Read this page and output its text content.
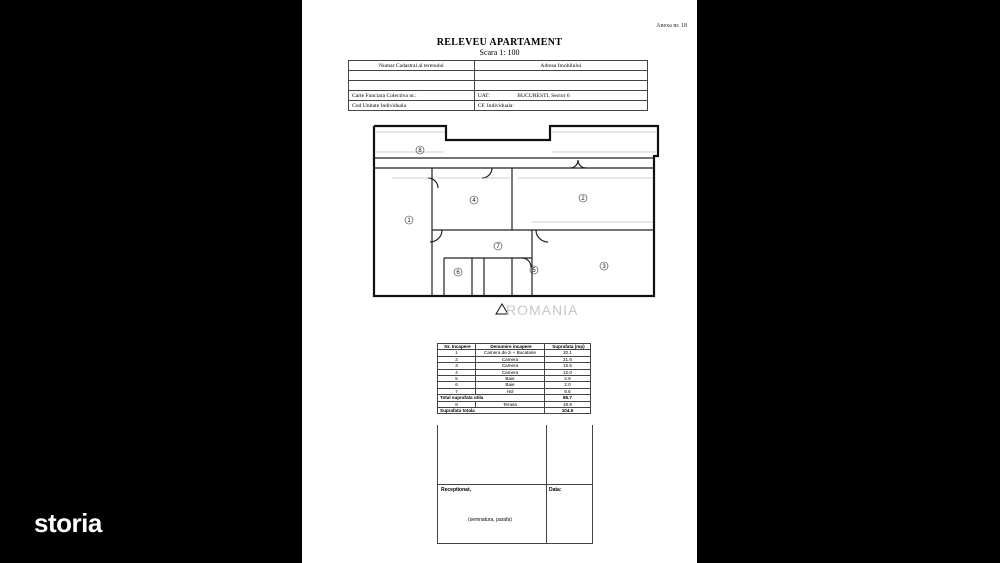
Anexa nr. 18
RELEVEU APARTAMENT
Scara 1: 100
Numar Cadastral al terenului	Adresa Imobilului

Carte Funciara Colectiva nr.:	UAT: BUCURESTI, Sector 6
Cod Unitate Individuala	CF. Individuala:
8
1
4	2
7
6	5
3
ROMANIA
Nr. Incapere	Denumire incapere	Suprafata (mp)
1	Camera de zi + Bucatarie	20.1
2	Camera	21.6
3	Camera	15.5
4	Camera	12.0
5	Baie	2.9
6	Baie	2.0
7	Hol	8.6
Total suprafata utila		85.7
8	Terasa	18.9
Suprafata totala		104.6
Receptionat,
(semnatura, parafa)
Data:
storia
